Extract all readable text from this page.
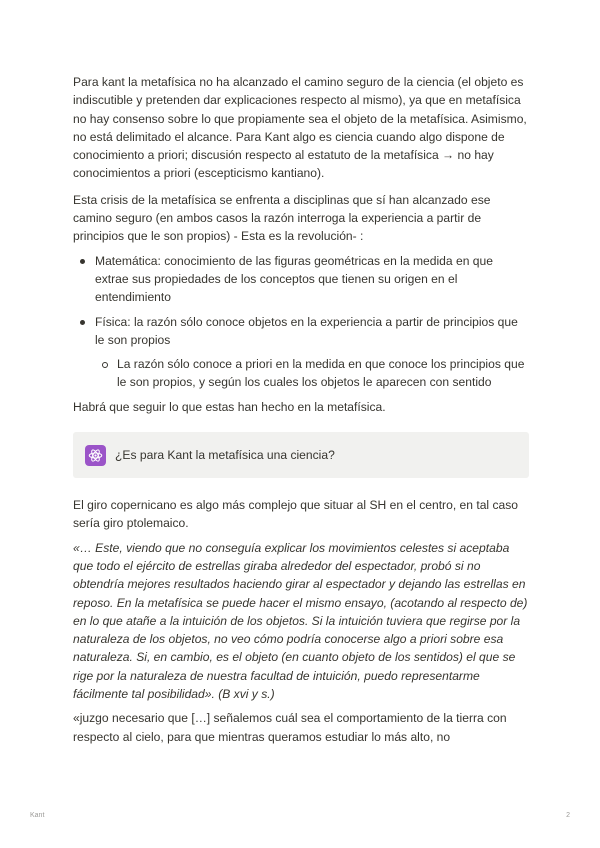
Para kant la metafísica no ha alcanzado el camino seguro de la ciencia (el objeto es indiscutible y pretenden dar explicaciones respecto al mismo), ya que en metafísica no hay consenso sobre lo que propiamente sea el objeto de la metafísica. Asimismo, no está delimitado el alcance. Para Kant algo es ciencia cuando algo dispone de conocimiento a priori; discusión respecto al estatuto de la metafísica → no hay conocimientos a priori (escepticismo kantiano).

Esta crisis de la metafísica se enfrenta a disciplinas que sí han alcanzado ese camino seguro (en ambos casos la razón interroga la experiencia a partir de principios que le son propios) - Esta es la revolución- :

Matemática: conocimiento de las figuras geométricas en la medida en que extrae sus propiedades de los conceptos que tienen su origen en el entendimiento
Física: la razón sólo conoce objetos en la experiencia a partir de principios que le son propios
La razón sólo conoce a priori en la medida en que conoce los principios que le son propios, y según los cuales los objetos le aparecen con sentido

Habrá que seguir lo que estas han hecho en la metafísica.

¿Es para Kant la metafísica una ciencia?

El giro copernicano es algo más complejo que situar al SH en el centro, en tal caso sería giro ptolemaico.

«… Este, viendo que no conseguía explicar los movimientos celestes si aceptaba que todo el ejército de estrellas giraba alrededor del espectador, probó si no obtendría mejores resultados haciendo girar al espectador y dejando las estrellas en reposo. En la metafísica se puede hacer el mismo ensayo, (acotando al respecto de) en lo que atañe a la intuición de los objetos. Si la intuición tuviera que regirse por la naturaleza de los objetos, no veo cómo podría conocerse algo a priori sobre esa naturaleza. Si, en cambio, es el objeto (en cuanto objeto de los sentidos) el que se rige por la naturaleza de nuestra facultad de intuición, puedo representarme fácilmente tal posibilidad». (B xvi y s.)

«juzgo necesario que […] señalemos cuál sea el comportamiento de la tierra con respecto al cielo, para que mientras queramos estudiar lo más alto, no

Kant	2
